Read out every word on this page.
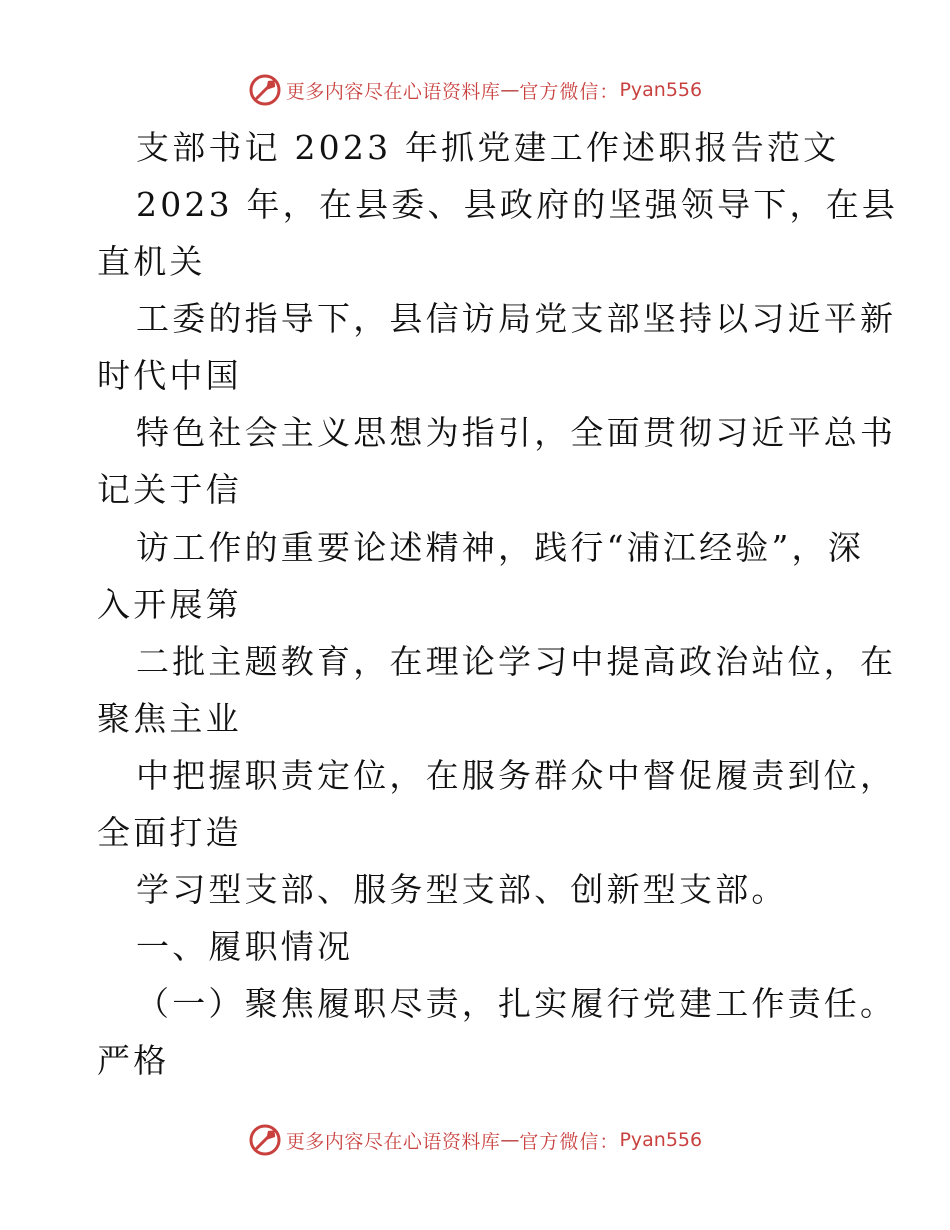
更多内容尽在心语资料库 — 官方微信： Pyan556
支部书记 2023 年抓党建工作述职报告范文
2023 年，在县委、县政府的坚强领导下，在县
直机关
工委的指导下，县信访局党支部坚持以习近平新
时代中国
特色社会主义思想为指引，全面贯彻习近平总书
记关于信
访工作的重要论述精神，践行“浦江经验”，深
入开展第
二批主题教育，在理论学习中提高政治站位，在
聚焦主业
中把握职责定位，在服务群众中督促履责到位，
全面打造
学习型支部、服务型支部、创新型支部。
一、履职情况
（一）聚焦履职尽责，扎实履行党建工作责任。
严格
更多内容尽在心语资料库 — 官方微信： Pyan556
